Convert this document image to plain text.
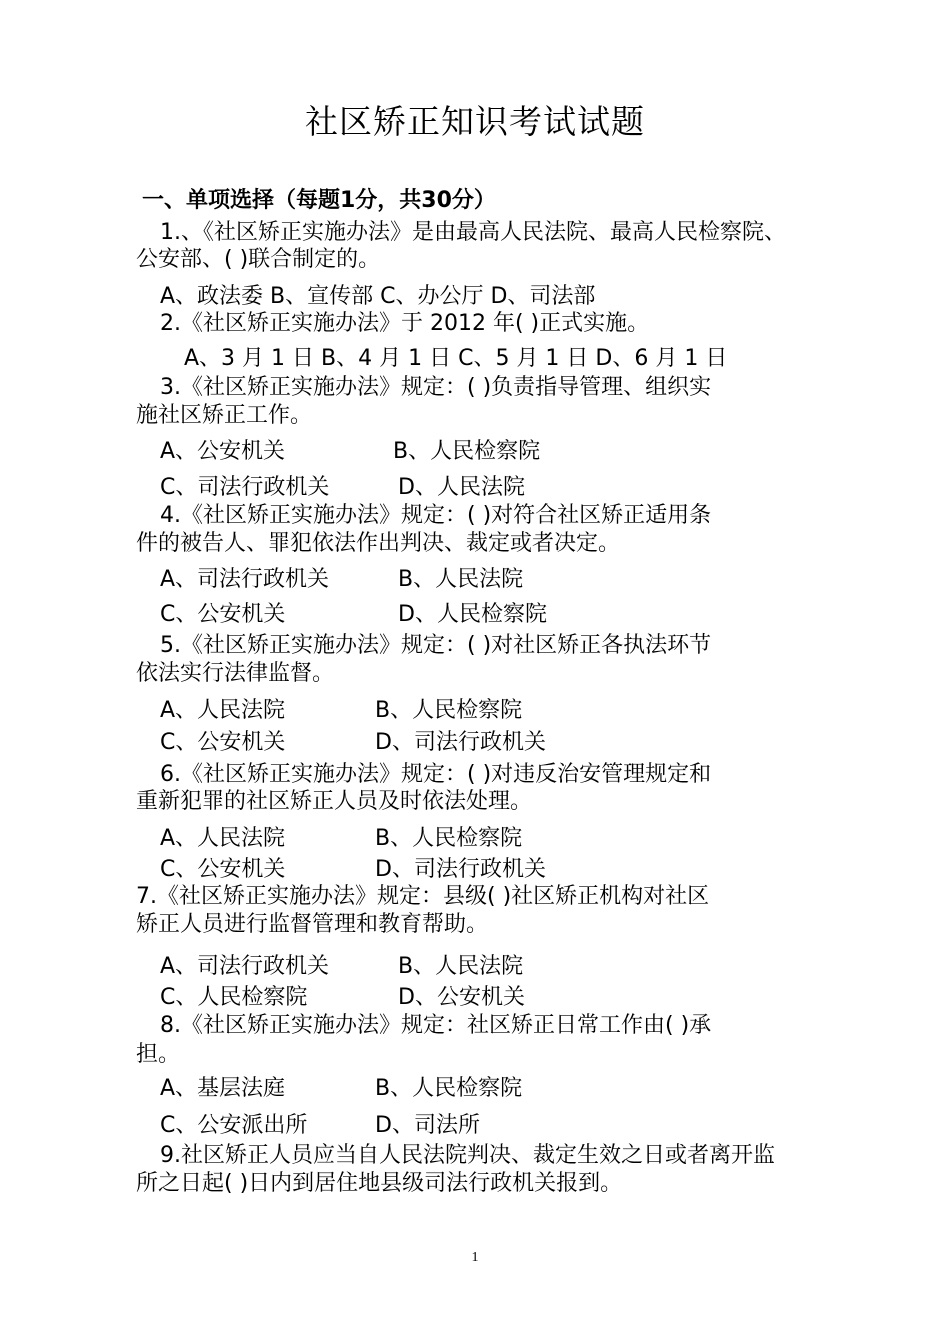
社区矫正知识考试试题
一、单项选择（每题1分，共30分）
1.、《社区矫正实施办法》是由最高人民法院、最高人民检察院、
公安部、( )联合制定的。
A、政法委 B、宣传部 C、办公厅 D、司法部
2.《社区矫正实施办法》于 2012 年( )正式实施。
A、3 月 1 日 B、4 月 1 日 C、5 月 1 日 D、6 月 1 日
3.《社区矫正实施办法》规定：( )负责指导管理、组织实
施社区矫正工作。
A、公安机关	B、人民检察院
C、司法行政机关	D、人民法院
4.《社区矫正实施办法》规定：( )对符合社区矫正适用条
件的被告人、罪犯依法作出判决、裁定或者决定。
A、司法行政机关	B、人民法院
C、公安机关	D、人民检察院
5.《社区矫正实施办法》规定：( )对社区矫正各执法环节
依法实行法律监督。
A、人民法院	B、人民检察院
C、公安机关	D、司法行政机关
6.《社区矫正实施办法》规定：( )对违反治安管理规定和
重新犯罪的社区矫正人员及时依法处理。
A、人民法院	B、人民检察院
C、公安机关	D、司法行政机关
7.《社区矫正实施办法》规定：县级( )社区矫正机构对社区
矫正人员进行监督管理和教育帮助。
A、司法行政机关	B、人民法院
C、人民检察院	D、公安机关
8.《社区矫正实施办法》规定：社区矫正日常工作由( )承
担。
A、基层法庭	B、人民检察院
C、公安派出所	D、司法所
9.社区矫正人员应当自人民法院判决、裁定生效之日或者离开监
所之日起( )日内到居住地县级司法行政机关报到。
1
